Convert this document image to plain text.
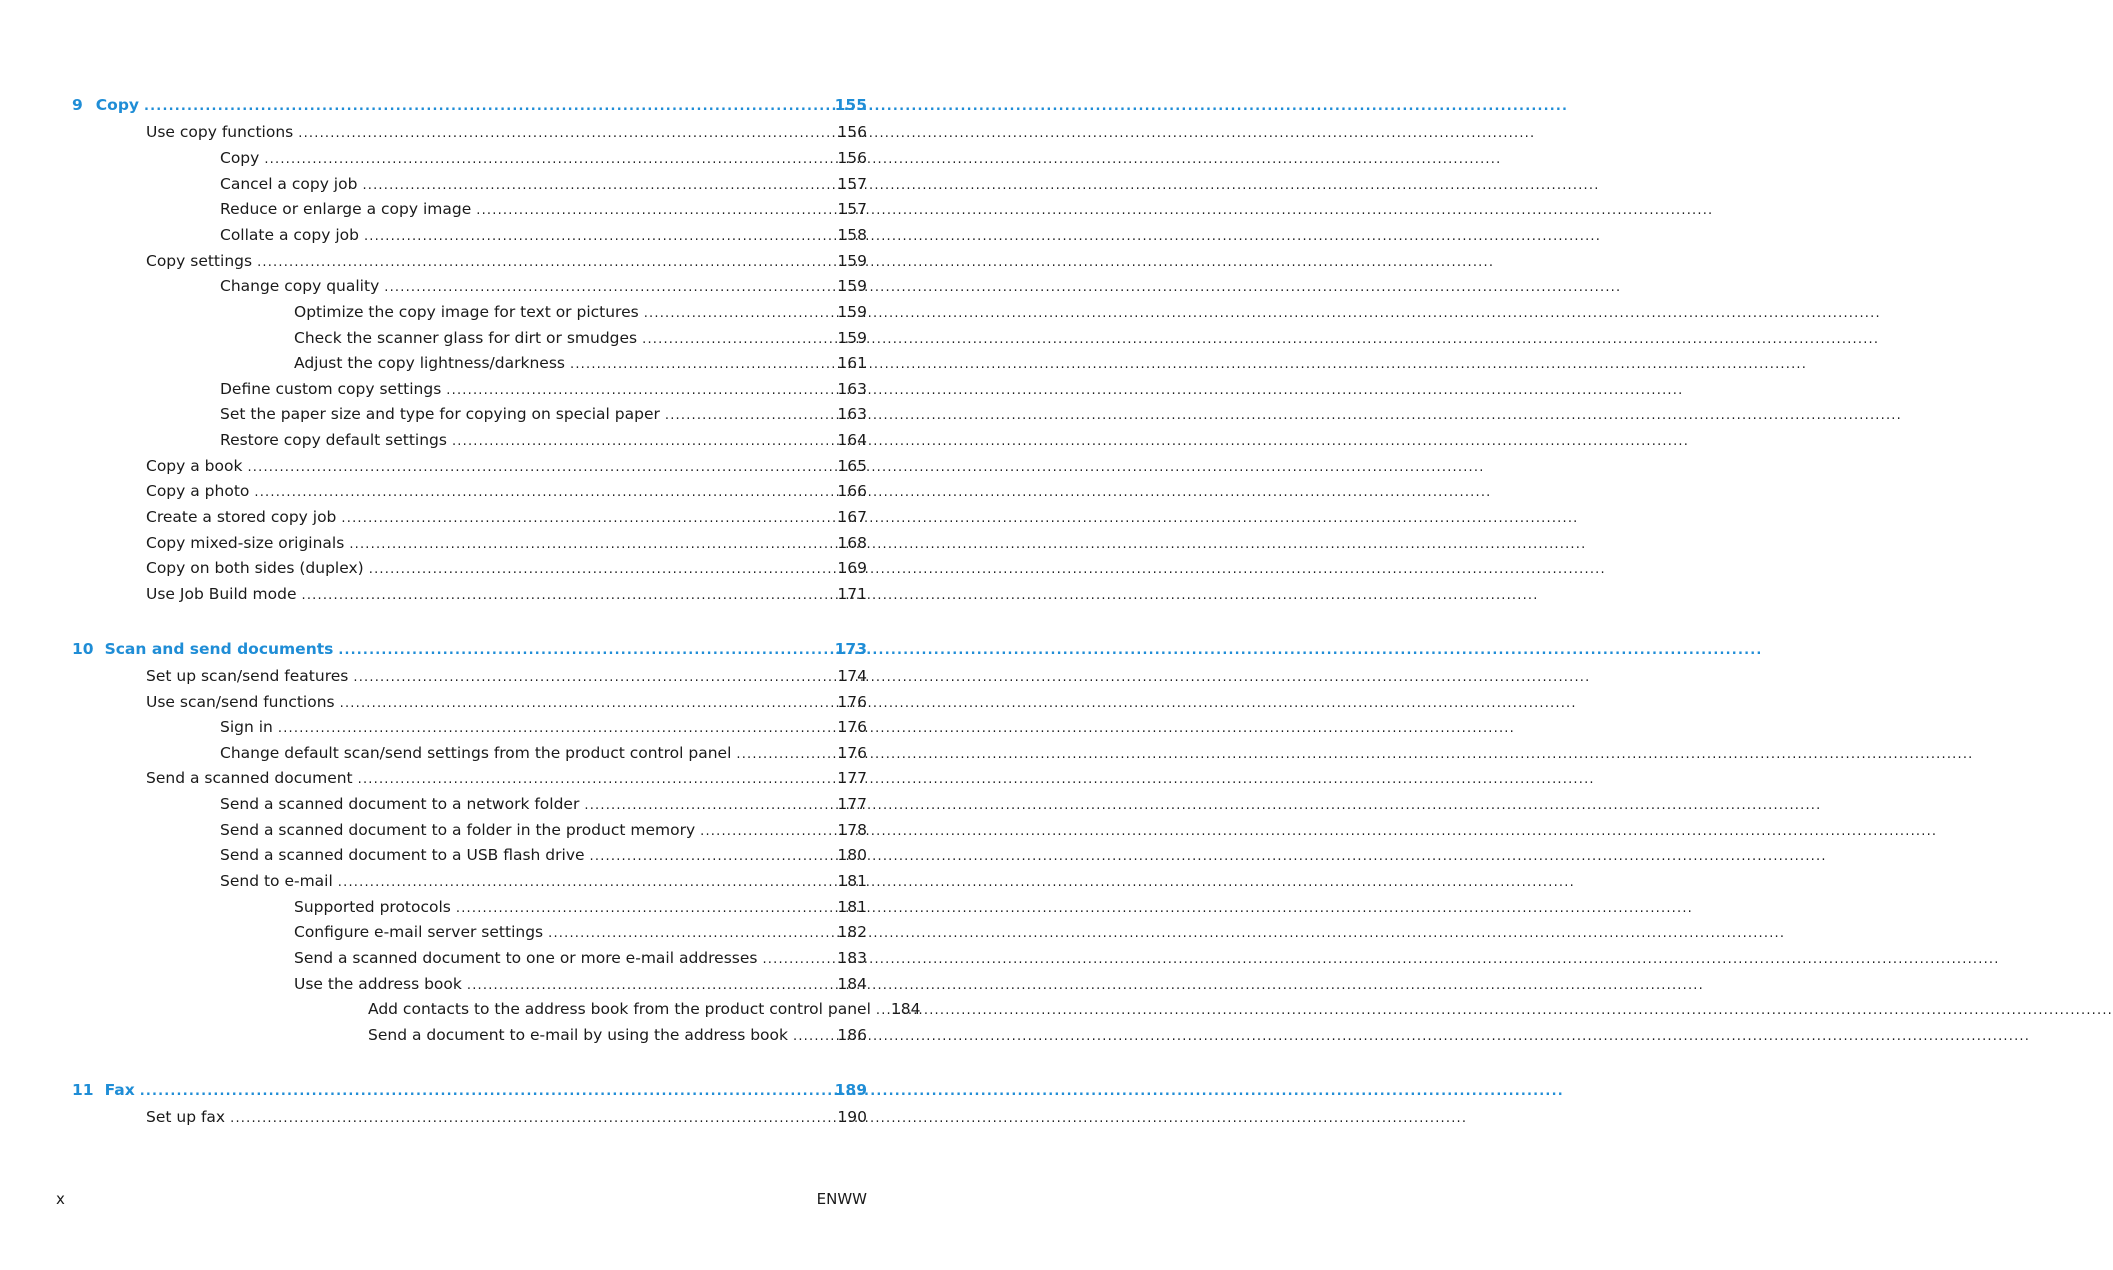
9 Copy .....	155
Use copy functions .....	156
Copy .....	156
Cancel a copy job .....	157
Reduce or enlarge a copy image .....	157
Collate a copy job .....	158
Copy settings .....	159
Change copy quality .....	159
Optimize the copy image for text or pictures .....	159
Check the scanner glass for dirt or smudges .....	159
Adjust the copy lightness/darkness .....	161
Define custom copy settings .....	163
Set the paper size and type for copying on special paper .....	163
Restore copy default settings .....	164
Copy a book .....	165
Copy a photo .....	166
Create a stored copy job .....	167
Copy mixed-size originals .....	168
Copy on both sides (duplex) .....	169
Use Job Build mode .....	171
10 Scan and send documents .....	173
Set up scan/send features .....	174
Use scan/send functions .....	176
Sign in .....	176
Change default scan/send settings from the product control panel .....	176
Send a scanned document .....	177
Send a scanned document to a network folder .....	177
Send a scanned document to a folder in the product memory .....	178
Send a scanned document to a USB flash drive .....	180
Send to e-mail .....	181
Supported protocols .....	181
Configure e-mail server settings .....	182
Send a scanned document to one or more e-mail addresses .....	183
Use the address book .....	184
Add contacts to the address book from the product control panel ..... 184
Send a document to e-mail by using the address book .....	186
11 Fax .....	189
Set up fax .....	190
x	ENWW
